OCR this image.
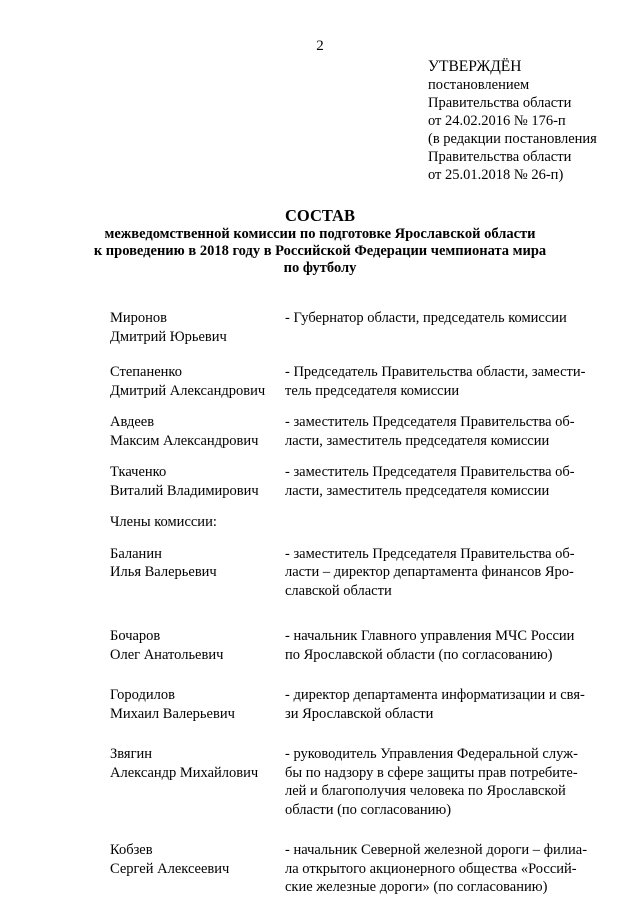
2
УТВЕРЖДЁН
постановлением
Правительства области
от 24.02.2016 № 176-п
(в редакции постановления
Правительства области
от 25.01.2018 № 26-п)
СОСТАВ
межведомственной комиссии по подготовке Ярославской области
к проведению в 2018 году в Российской Федерации чемпионата мира
по футболу
Миронов
Дмитрий Юрьевич
- Губернатор области, председатель комиссии
Степаненко
Дмитрий Александрович
- Председатель Правительства области, замести-
тель председателя комиссии
Авдеев
Максим Александрович
- заместитель Председателя Правительства об-
ласти, заместитель председателя комиссии
Ткаченко
Виталий Владимирович
- заместитель Председателя Правительства об-
ласти, заместитель председателя комиссии
Члены комиссии:
Баланин
Илья Валерьевич
- заместитель Председателя Правительства об-
ласти – директор департамента финансов Яро-
славской области
Бочаров
Олег Анатольевич
- начальник Главного управления МЧС России
по Ярославской области (по согласованию)
Городилов
Михаил Валерьевич
- директор департамента информатизации и свя-
зи Ярославской области
Звягин
Александр Михайлович
- руководитель Управления Федеральной служ-
бы по надзору в сфере защиты прав потребите-
лей и благополучия человека по Ярославской
области (по согласованию)
Кобзев
Сергей Алексеевич
- начальник Северной железной дороги – филиа-
ла открытого акционерного общества «Россий-
ские железные дороги» (по согласованию)
